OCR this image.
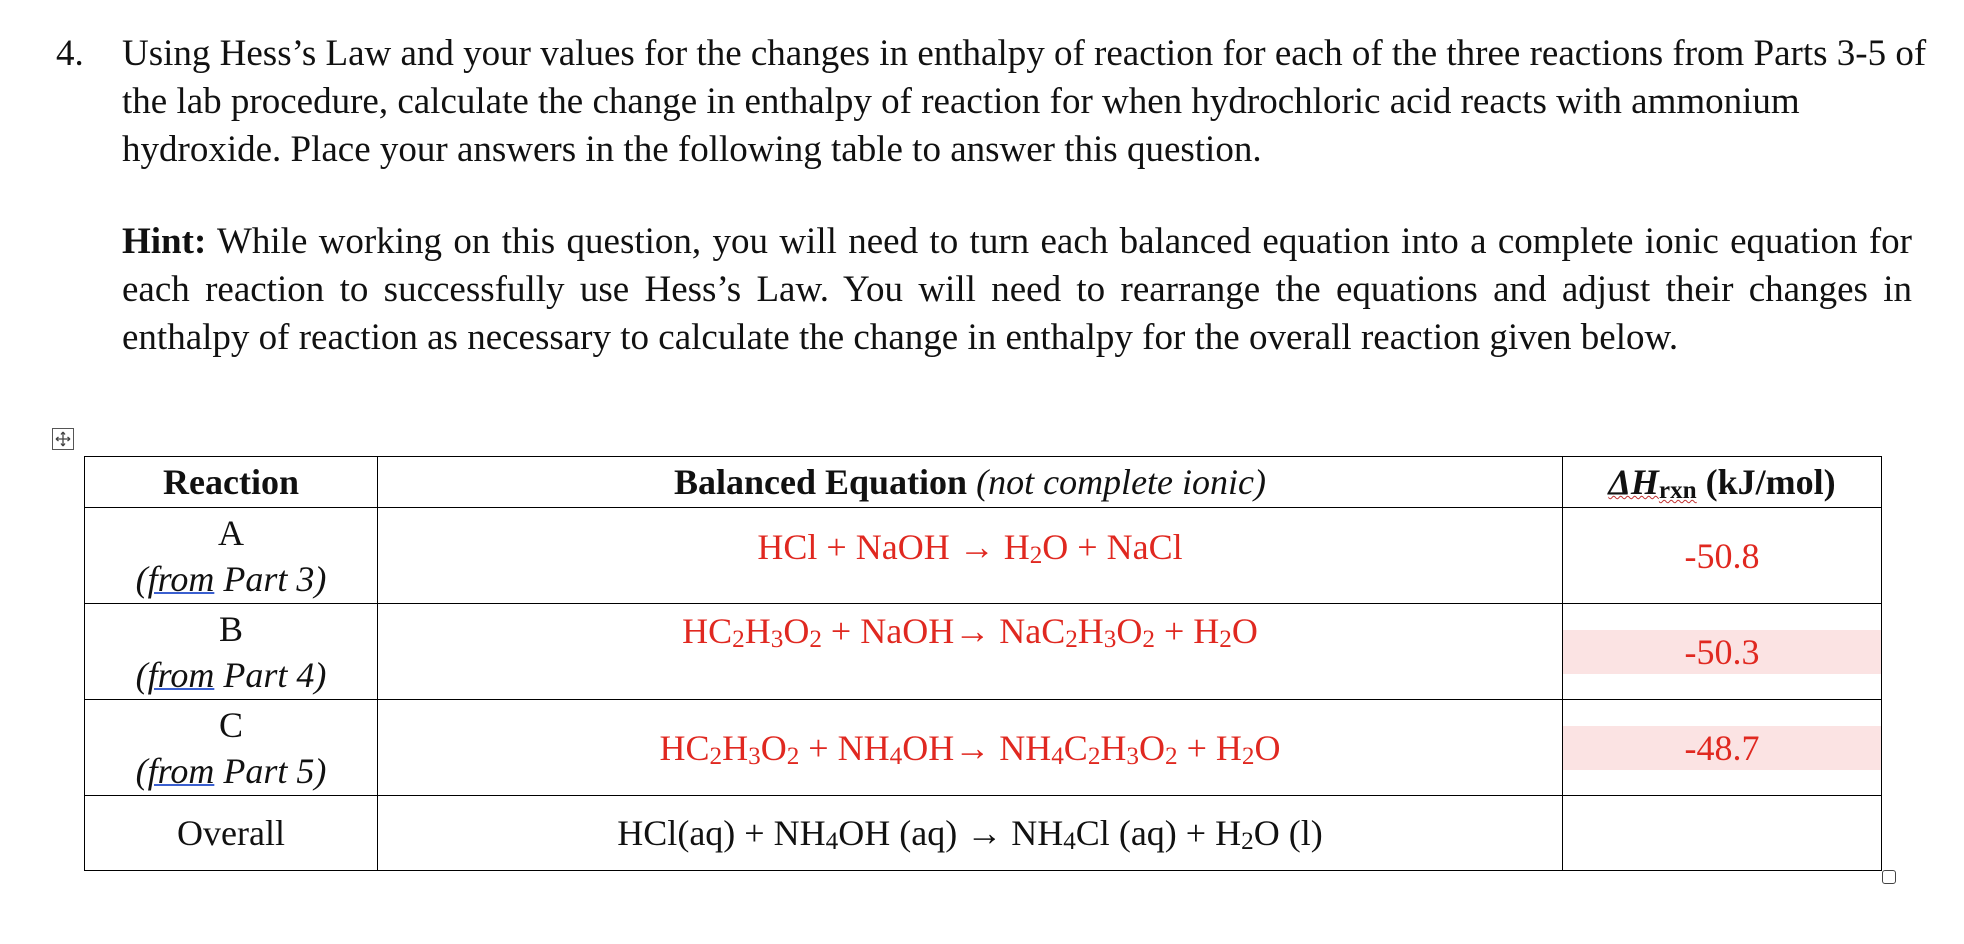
4. Using Hess’s Law and your values for the changes in enthalpy of reaction for each of the three reactions from Parts 3-5 of the lab procedure, calculate the change in enthalpy of reaction for when hydrochloric acid reacts with ammonium hydroxide. Place your answers in the following table to answer this question.
Hint: While working on this question, you will need to turn each balanced equation into a complete ionic equation for each reaction to successfully use Hess’s Law. You will need to rearrange the equations and adjust their changes in enthalpy of reaction as necessary to calculate the change in enthalpy for the overall reaction given below.
Reaction	Balanced Equation (not complete ionic)	$\Delta H_{rxn}$ (kJ/mol)

A
(from Part 3)	HCl + NaOH → $H_2O$ + NaCl	-50.8

B
(from Part 4)	$HC_2H_3O_2$ + NaOH→ $NaC_2H_3O_2 + H_2O$	-50.3

C
(from Part 5)	$HC_2H_3O_2 + NH_4OH\to NH_4C_2H_3O_2 + H_2O$	-48.7

Overall	$HCl(aq) + NH_4OH$ $(aq) \to NH_4Cl$ $(aq) + H_2O$ (l)	
